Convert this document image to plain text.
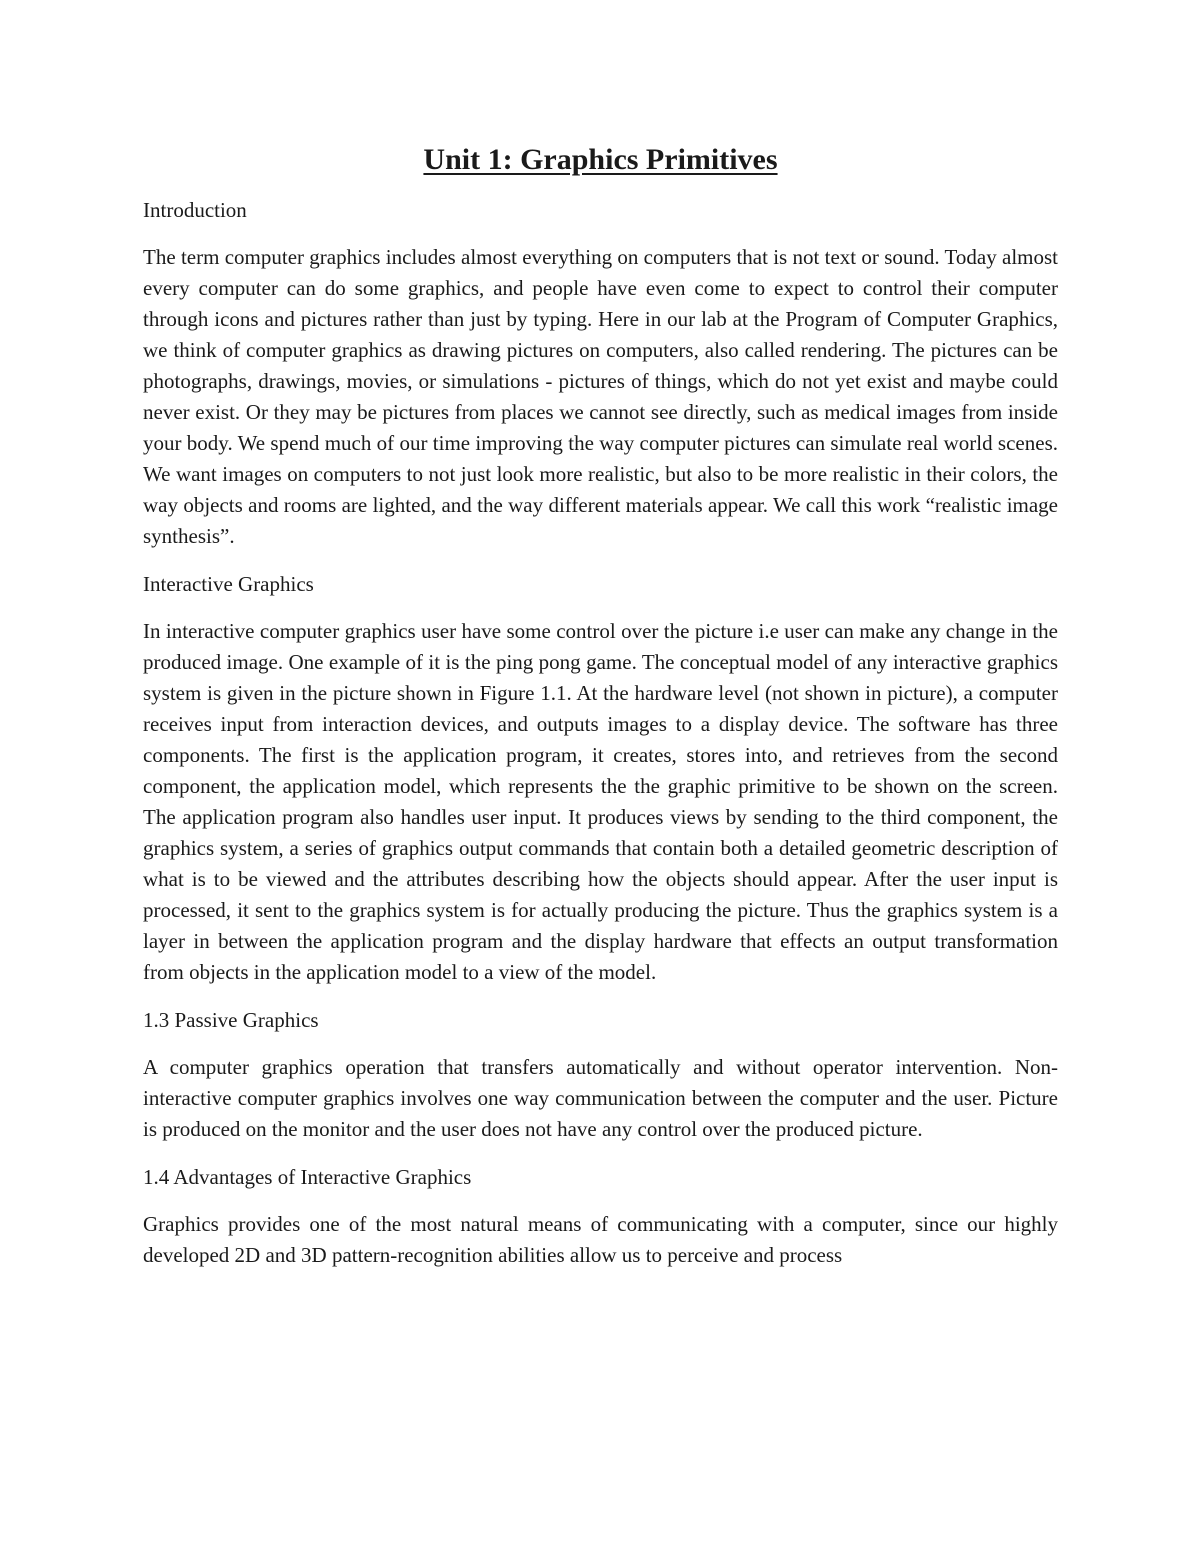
Unit 1: Graphics Primitives
Introduction

The term computer graphics includes almost everything on computers that is not text or sound. Today almost every computer can do some graphics, and people have even come to expect to control their computer through icons and pictures rather than just by typing. Here in our lab at the Program of Computer Graphics, we think of computer graphics as drawing pictures on computers, also called rendering. The pictures can be photographs, drawings, movies, or simulations - pictures of things, which do not yet exist and maybe could never exist. Or they may be pictures from places we cannot see directly, such as medical images from inside your body. We spend much of our time improving the way computer pictures can simulate real world scenes. We want images on computers to not just look more realistic, but also to be more realistic in their colors, the way objects and rooms are lighted, and the way different materials appear. We call this work “realistic image synthesis”.

Interactive Graphics

In interactive computer graphics user have some control over the picture i.e user can make any change in the produced image. One example of it is the ping pong game. The conceptual model of any interactive graphics system is given in the picture shown in Figure 1.1. At the hardware level (not shown in picture), a computer receives input from interaction devices, and outputs images to a display device. The software has three components. The first is the application program, it creates, stores into, and retrieves from the second component, the application model, which represents the the graphic primitive to be shown on the screen. The application program also handles user input. It produces views by sending to the third component, the graphics system, a series of graphics output commands that contain both a detailed geometric description of what is to be viewed and the attributes describing how the objects should appear. After the user input is processed, it sent to the graphics system is for actually producing the picture. Thus the graphics system is a layer in between the application program and the display hardware that effects an output transformation from objects in the application model to a view of the model.

1.3 Passive Graphics

A computer graphics operation that transfers automatically and without operator intervention. Non-interactive computer graphics involves one way communication between the computer and the user. Picture is produced on the monitor and the user does not have any control over the produced picture.

1.4 Advantages of Interactive Graphics

Graphics provides one of the most natural means of communicating with a computer, since our highly developed 2D and 3D pattern-recognition abilities allow us to perceive and process
